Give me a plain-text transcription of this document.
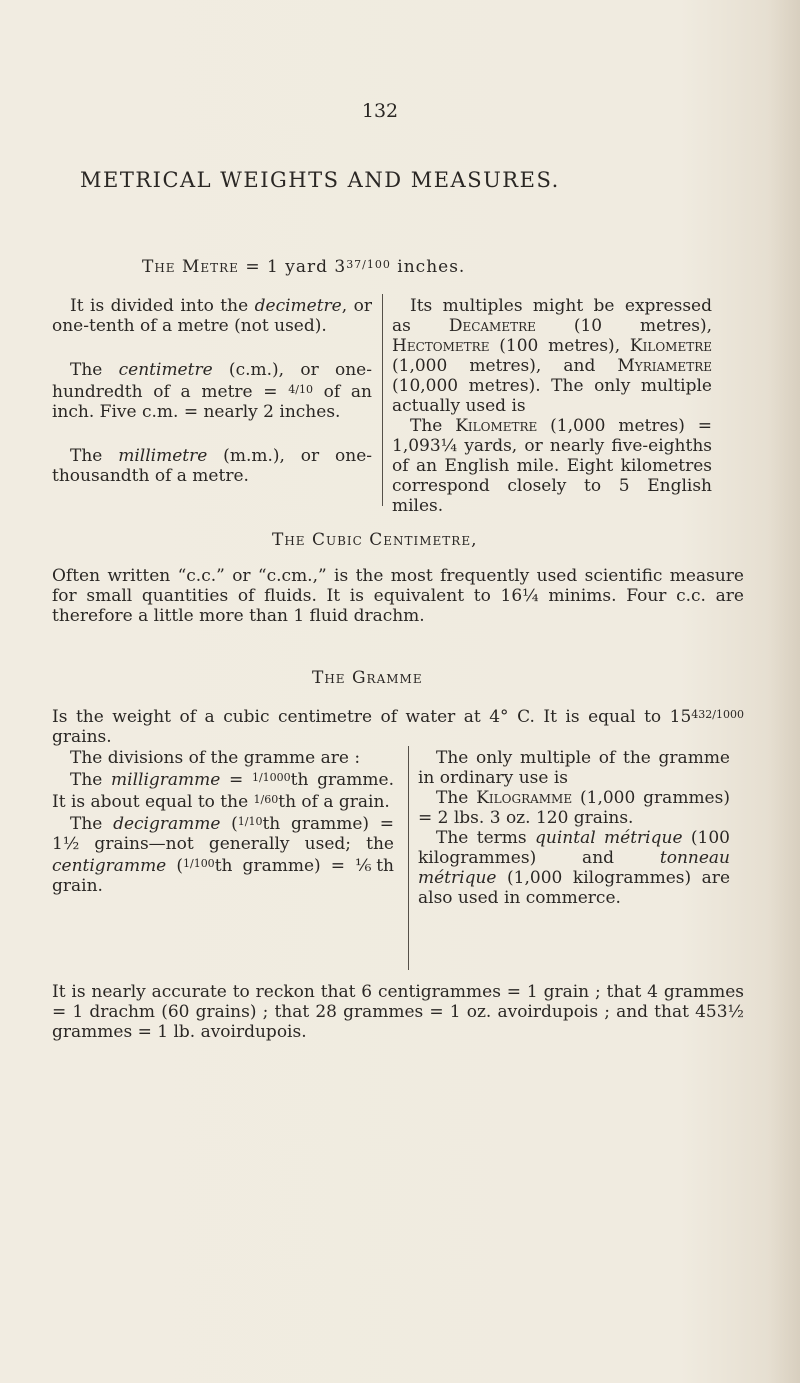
132
METRICAL WEIGHTS AND MEASURES.
The Metre = 1 yard $3^{37/100}$ inches.

It is divided into the decimetre, or one-tenth of a metre (not used).

The centimetre (c.m.), or one-hundredth of a metre = $^{4/10}$ of an inch. Five c.m. = nearly 2 inches.

The millimetre (m.m.), or one-thousandth of a metre.

Its multiples might be expressed as Decametre (10 metres), Hectometre (100 metres), Kilometre (1,000 metres), and Myriametre (10,000 metres). The only multiple actually used is

The Kilometre (1,000 metres) = 1,093¼ yards, or nearly five-eighths of an English mile. Eight kilometres correspond closely to 5 English miles.

The Cubic Centimetre,
Often written “c.c.” or “c.cm.,” is the most frequently used scientific measure for small quantities of fluids. It is equivalent to 16¼ minims. Four c.c. are therefore a little more than 1 fluid drachm.
The Gramme
Is the weight of a cubic centimetre of water at 4° C. It is equal to $15^{432/1000}$ grains.

The divisions of the gramme are :

The milligramme = $^{1/1000}$th gramme. It is about equal to the $^{1/60}$th of a grain.

The decigramme ($^{1/10}$th gramme) = 1½ grains—not generally used; the centigramme ($^{1/100}$th gramme) = ⅙th grain.

The only multiple of the gramme in ordinary use is

The Kilogramme (1,000 grammes) = 2 lbs. 3 oz. 120 grains.

The terms quintal métrique (100 kilogrammes) and tonneau métrique (1,000 kilogrammes) are also used in commerce.

It is nearly accurate to reckon that 6 centigrammes = 1 grain ; that 4 grammes = 1 drachm (60 grains) ; that 28 grammes = 1 oz. avoirdupois ; and that 453½ grammes = 1 lb. avoirdupois.
